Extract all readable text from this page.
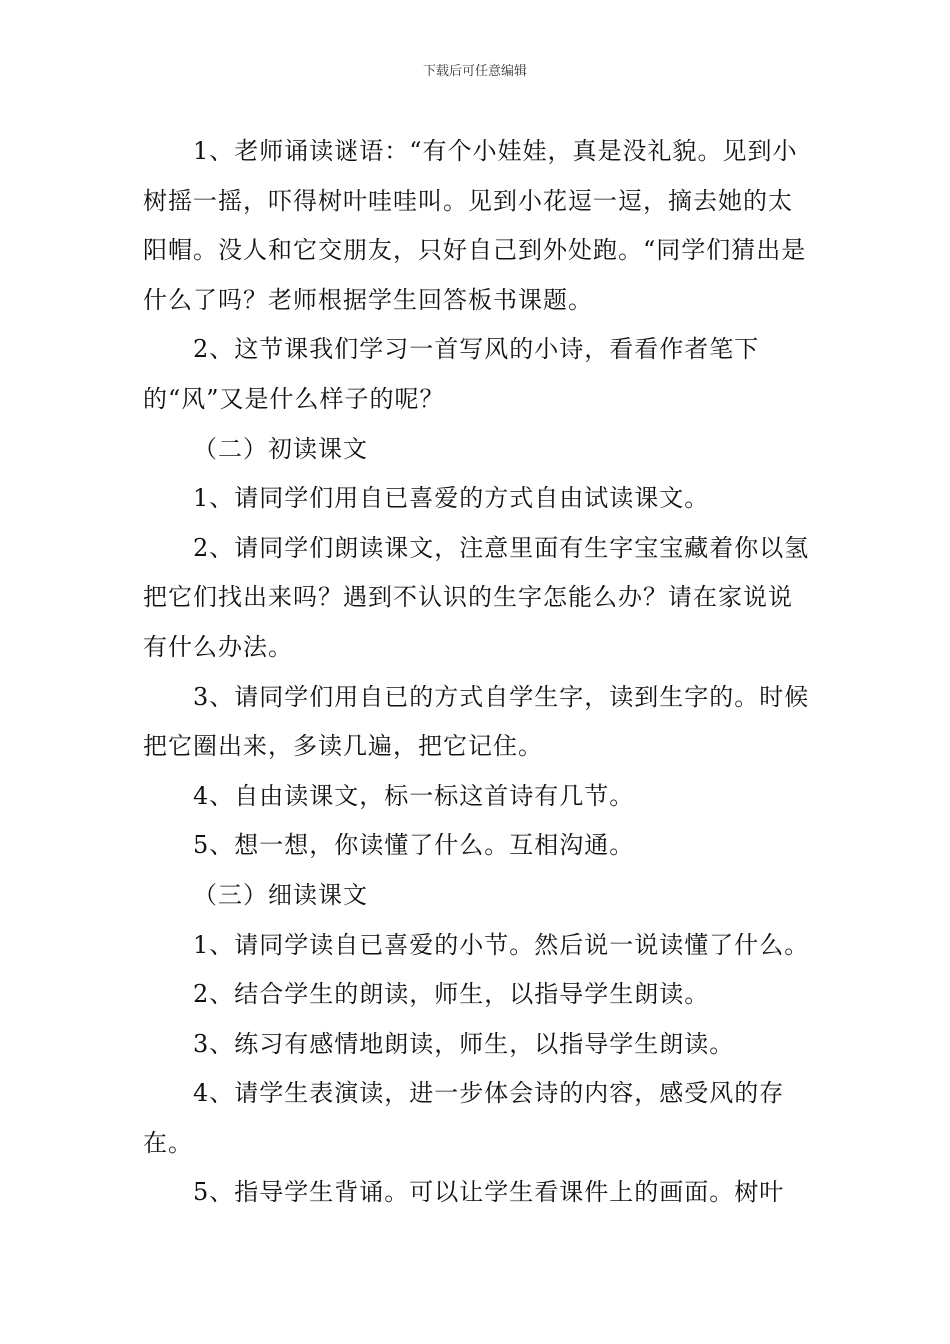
下载后可任意编辑

1、老师诵读谜语：“有个小娃娃，真是没礼貌。见到小树摇一摇，吓得树叶哇哇叫。见到小花逗一逗，摘去她的太阳帽。没人和它交朋友，只好自己到外处跑。“同学们猜出是什么了吗？老师根据学生回答板书课题。

2、这节课我们学习一首写风的小诗，看看作者笔下的“风”又是什么样子的呢？

（二）初读课文

1、请同学们用自已喜爱的方式自由试读课文。

2、请同学们朗读课文，注意里面有生字宝宝藏着你以氢把它们找出来吗？遇到不认识的生字怎能么办？请在家说说有什么办法。

3、请同学们用自已的方式自学生字，读到生字的。时候把它圈出来，多读几遍，把它记住。

4、自由读课文，标一标这首诗有几节。

5、想一想，你读懂了什么。互相沟通。

（三）细读课文

1、请同学读自已喜爱的小节。然后说一说读懂了什么。

2、结合学生的朗读，师生，以指导学生朗读。

3、练习有感情地朗读，师生，以指导学生朗读。

4、请学生表演读，进一步体会诗的内容，感受风的存在。

5、指导学生背诵。可以让学生看课件上的画面。树叶
